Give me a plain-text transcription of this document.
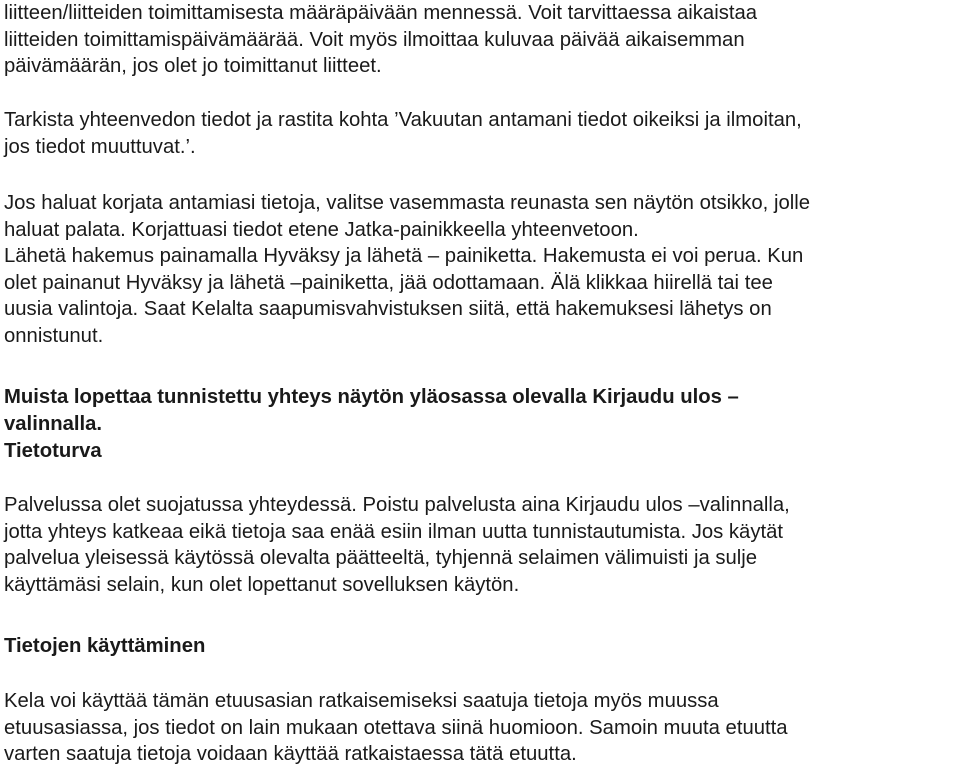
liitteen/liitteiden toimittamisesta määräpäivään mennessä. Voit tarvittaessa aikaistaa
liitteiden toimittamispäivämäärää. Voit myös ilmoittaa kuluvaa päivää aikaisemman
päivämäärän, jos olet jo toimittanut liitteet.
Tarkista yhteenvedon tiedot ja rastita kohta ’Vakuutan antamani tiedot oikeiksi ja ilmoitan,
jos tiedot muuttuvat.’.
Jos haluat korjata antamiasi tietoja, valitse vasemmasta reunasta sen näytön otsikko, jolle
haluat palata. Korjattuasi tiedot etene Jatka-painikkeella yhteenvetoon.
Lähetä hakemus painamalla Hyväksy ja lähetä – painiketta. Hakemusta ei voi perua. Kun
olet painanut Hyväksy ja lähetä –painiketta, jää odottamaan. Älä klikkaa hiirellä tai tee
uusia valintoja. Saat Kelalta saapumisvahvistuksen siitä, että hakemuksesi lähetys on
onnistunut.
Muista lopettaa tunnistettu yhteys näytön yläosassa olevalla Kirjaudu ulos –
valinnalla.
Tietoturva
Palvelussa olet suojatussa yhteydessä. Poistu palvelusta aina Kirjaudu ulos –valinnalla,
jotta yhteys katkeaa eikä tietoja saa enää esiin ilman uutta tunnistautumista. Jos käytät
palvelua yleisessä käytössä olevalta päätteeltä, tyhjennä selaimen välimuisti ja sulje
käyttämäsi selain, kun olet lopettanut sovelluksen käytön.
Tietojen käyttäminen
Kela voi käyttää tämän etuusasian ratkaisemiseksi saatuja tietoja myös muussa
etuusasiassa, jos tiedot on lain mukaan otettava siinä huomioon. Samoin muuta etuutta
varten saatuja tietoja voidaan käyttää ratkaistaessa tätä etuutta.
